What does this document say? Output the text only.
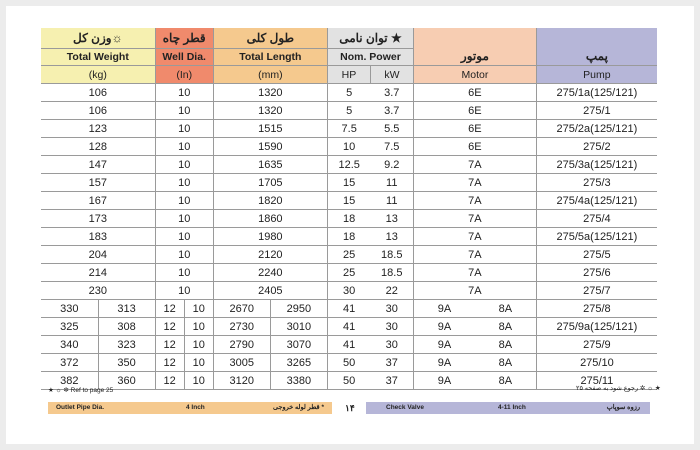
☼وزن کل		قطر چاه		طول کلی		★ توان نامی		موتور		پمپ
Total Weight		Well Dia.		Total Length		Nom. Power				
(kg)		(In)		(mm)		HP	kW	Motor		Pump
106		10		1320		5	3.7	6E		275/1a(125/121)
106		10		1320		5	3.7	6E		275/1
123		10		1515		7.5	5.5	6E		275/2a(125/121)
128		10		1590		10	7.5	6E		275/2
147		10		1635		12.5	9.2	7A		275/3a(125/121)
157		10		1705		15	11	7A		275/3
167		10		1820		15	11	7A		275/4a(125/121)
173		10		1860		18	13	7A		275/4
183		10		1980		18	13	7A		275/5a(125/121)
204		10		2120		25	18.5	7A		275/5
214		10		2240		25	18.5	7A		275/6
230		10		2405		30	22	7A		275/7
330	313	12	10	2670	2950	41	30	9A	8A	275/8
325	308	12	10	2730	3010	41	30	9A	8A	275/9a(125/121)
340	323	12	10	2790	3070	41	30	9A	8A	275/9
372	350	12	10	3005	3265	50	37	9A	8A	275/10
382	360	12	10	3120	3380	50	37	9A	8A	275/11
★ ☼ ✲ Ref to page 25	★ ☼ ✲ رجوع شود به صفحه ۲۵
Outlet Pipe Dia.	4 Inch	* قطر لوله خروجی ۱۴	Check Valve	4-11 Inch	رزوه سوپاپ
